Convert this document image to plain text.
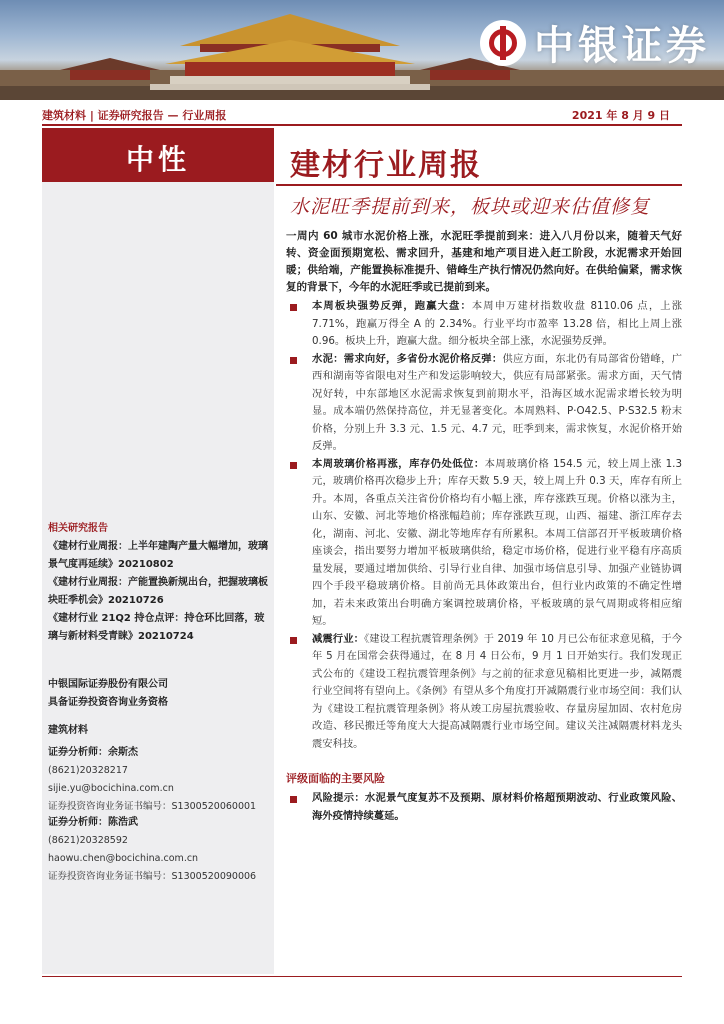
中银证券
建筑材料 | 证券研究报告 — 行业周报	2021 年 8 月 9 日
中性
相关研究报告
《建材行业周报：上半年建陶产量大幅增加，玻璃景气度再延续》20210802
《建材行业周报：产能置换新规出台，把握玻璃板块旺季机会》20210726
《建材行业 21Q2 持仓点评：持仓环比回落，玻璃与新材料受青睐》20210724
中银国际证券股份有限公司
具备证券投资咨询业务资格
建筑材料
证券分析师：余斯杰
(8621)20328217
sijie.yu@bocichina.com.cn
证券投资咨询业务证书编号：S1300520060001
证券分析师：陈浩武
(8621)20328592
haowu.chen@bocichina.com.cn
证券投资咨询业务证书编号：S1300520090006
建材行业周报
水泥旺季提前到来，板块或迎来估值修复
一周内 60 城市水泥价格上涨，水泥旺季提前到来：进入八月份以来，随着天气好转、资金面预期宽松、需求回升，基建和地产项目进入赶工阶段，水泥需求开始回暖；供给端，产能置换标准提升、错峰生产执行情况仍然向好。在供给偏紧，需求恢复的背景下，今年的水泥旺季或已提前到来。
本周板块强势反弹，跑赢大盘：本周申万建材指数收盘 8110.06 点，上涨 7.71%，跑赢万得全 A 的 2.34%。行业平均市盈率 13.28 倍，相比上周上涨 0.96。板块上升，跑赢大盘。细分板块全部上涨，水泥强势反弹。
水泥：需求向好，多省份水泥价格反弹：供应方面，东北仍有局部省份错峰，广西和湖南等省限电对生产和发运影响较大，供应有局部紧张。需求方面，天气情况好转，中东部地区水泥需求恢复到前期水平，沿海区域水泥需求增长较为明显。成本端仍然保持高位，并无显著变化。本周熟料、P·O42.5、P·S32.5 粉末价格，分别上升 3.3 元、1.5 元、4.7 元，旺季到来，需求恢复，水泥价格开始反弹。
本周玻璃价格再涨，库存仍处低位：本周玻璃价格 154.5 元，较上周上涨 1.3 元，玻璃价格再次稳步上升；库存天数 5.9 天，较上周上升 0.3 天，库存有所上升。本周，各重点关注省份价格均有小幅上涨，库存涨跌互现。价格以涨为主，山东、安徽、河北等地价格涨幅趋前；库存涨跌互现，山西、福建、浙江库存去化，湖南、河北、安徽、湖北等地库存有所累积。本周工信部召开平板玻璃价格座谈会，指出要努力增加平板玻璃供给，稳定市场价格，促进行业平稳有序高质量发展，要通过增加供给、引导行业自律、加强市场信息引导、加强产业链协调四个手段平稳玻璃价格。目前尚无具体政策出台，但行业内政策的不确定性增加，若未来政策出台明确方案调控玻璃价格，平板玻璃的景气周期或将相应缩短。
减震行业：《建设工程抗震管理条例》于 2019 年 10 月已公布征求意见稿，于今年 5 月在国常会获得通过，在 8 月 4 日公布，9 月 1 日开始实行。我们发现正式公布的《建设工程抗震管理条例》与之前的征求意见稿相比更进一步，减隔震行业空间将有望向上。《条例》有望从多个角度打开减隔震行业市场空间：我们认为《建设工程抗震管理条例》将从竣工房屋抗震验收、存量房屋加固、农村危房改造、移民搬迁等角度大大提高减隔震行业市场空间。建议关注减隔震材料龙头震安科技。
评级面临的主要风险
风险提示：水泥景气度复苏不及预期、原材料价格超预期波动、行业政策风险、海外疫情持续蔓延。
